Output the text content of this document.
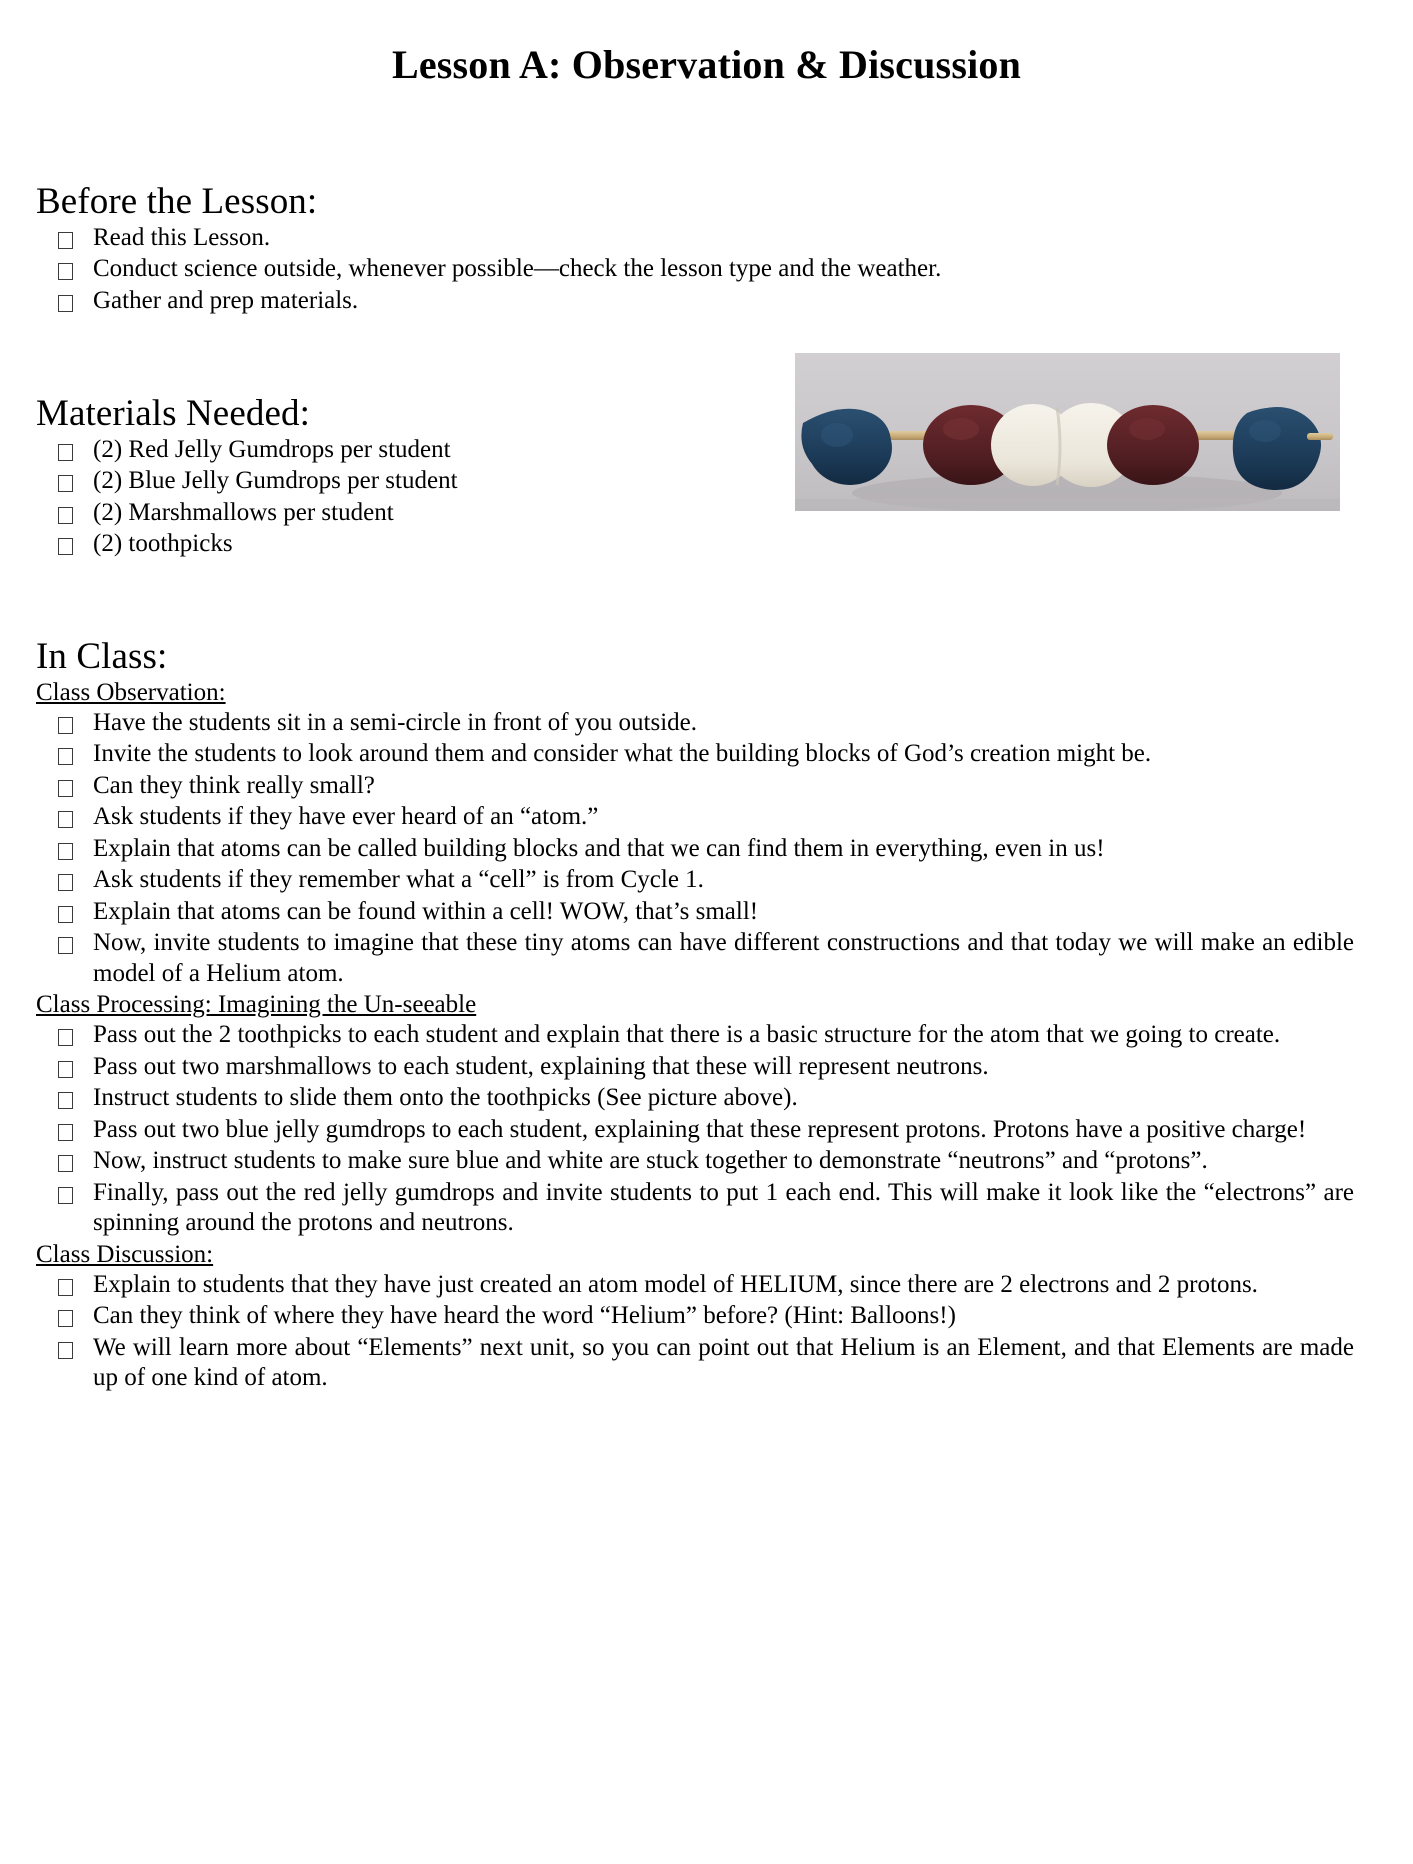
Lesson A: Observation & Discussion
Before the Lesson:
Read this Lesson.
Conduct science outside, whenever possible—check the lesson type and the weather.
Gather and prep materials.
Materials Needed:
(2) Red Jelly Gumdrops per student
(2) Blue Jelly Gumdrops per student
(2) Marshmallows per student
(2) toothpicks
In Class:
Class Observation:
Have the students sit in a semi-circle in front of you outside.
Invite the students to look around them and consider what the building blocks of God’s creation might be.
Can they think really small?
Ask students if they have ever heard of an “atom.”
Explain that atoms can be called building blocks and that we can find them in everything, even in us!
Ask students if they remember what a “cell” is from Cycle 1.
Explain that atoms can be found within a cell! WOW, that’s small!
Now, invite students to imagine that these tiny atoms can have different constructions and that today we will make an edible model of a Helium atom.
Class Processing: Imagining the Un-seeable
Pass out the 2 toothpicks to each student and explain that there is a basic structure for the atom that we going to create.
Pass out two marshmallows to each student, explaining that these will represent neutrons.
Instruct students to slide them onto the toothpicks (See picture above).
Pass out two blue jelly gumdrops to each student, explaining that these represent protons. Protons have a positive charge!
Now, instruct students to make sure blue and white are stuck together to demonstrate “neutrons” and “protons”.
Finally, pass out the red jelly gumdrops and invite students to put 1 each end. This will make it look like the “electrons” are spinning around the protons and neutrons.
Class Discussion:
Explain to students that they have just created an atom model of HELIUM, since there are 2 electrons and 2 protons.
Can they think of where they have heard the word “Helium” before? (Hint: Balloons!)
We will learn more about “Elements” next unit, so you can point out that Helium is an Element, and that Elements are made up of one kind of atom.
